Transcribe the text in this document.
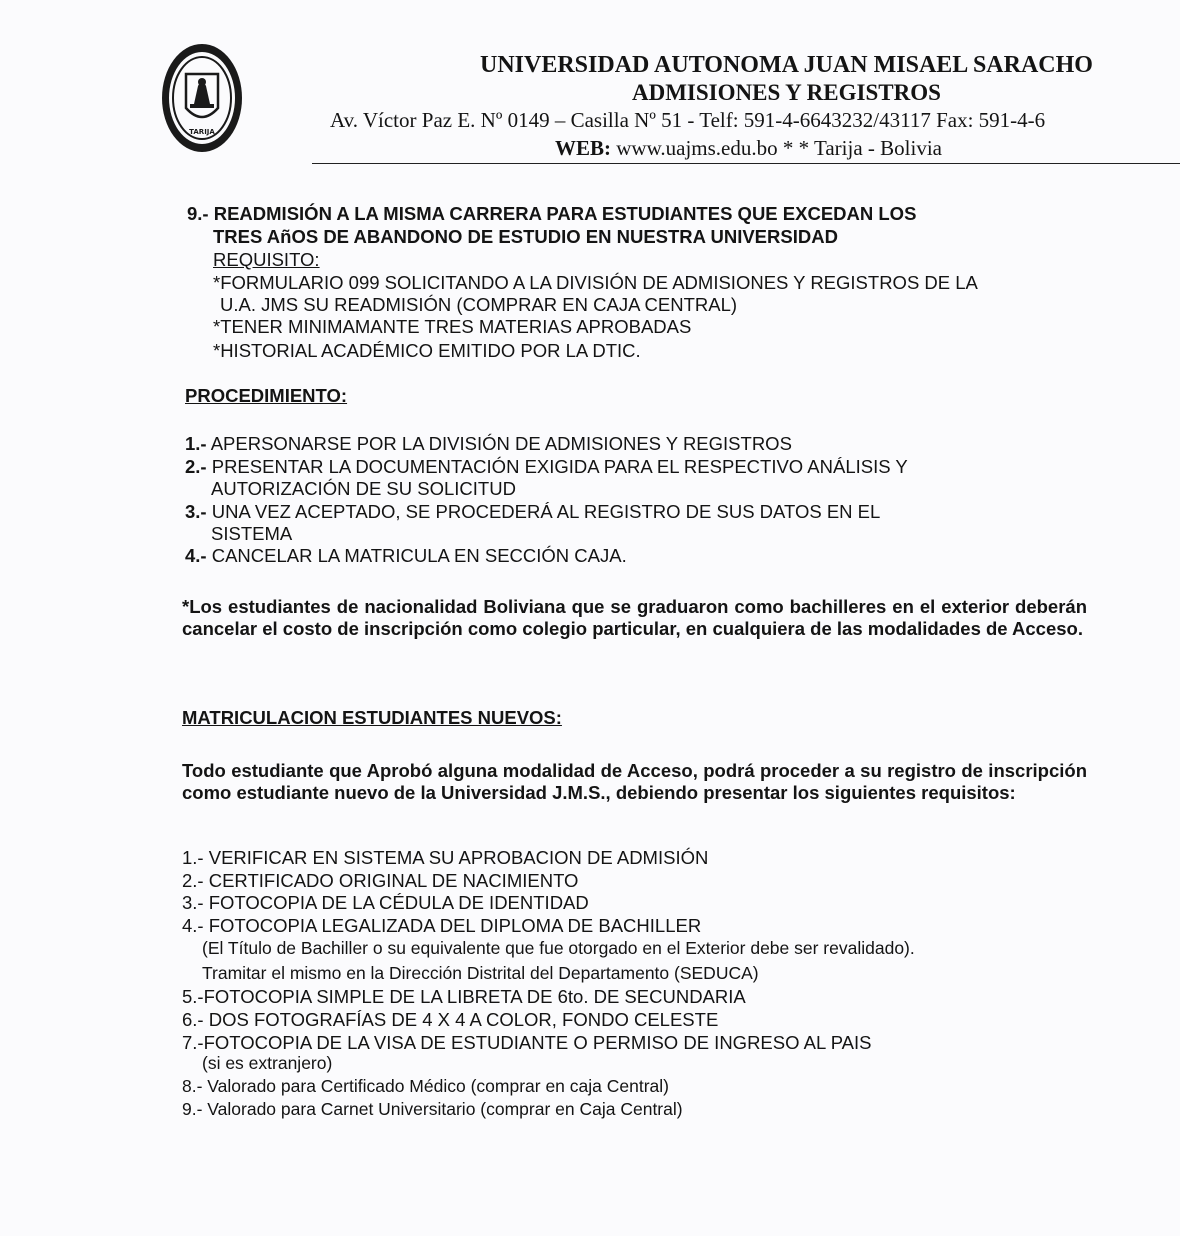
TARIJA
UNIVERSIDAD AUTONOMA JUAN MISAEL SARACHO
ADMISIONES Y REGISTROS
Av. Víctor Paz E. Nº 0149 – Casilla Nº 51 - Telf: 591-4-6643232/43117 Fax: 591-4-6
WEB: www.uajms.edu.bo * * Tarija - Bolivia
9.- READMISIÓN A LA MISMA CARRERA PARA ESTUDIANTES QUE EXCEDAN LOS
TRES AñOS DE ABANDONO DE ESTUDIO EN NUESTRA UNIVERSIDAD
REQUISITO:
*FORMULARIO 099 SOLICITANDO A LA DIVISIÓN DE ADMISIONES Y REGISTROS DE LA
U.A. JMS SU READMISIÓN (COMPRAR EN CAJA CENTRAL)
*TENER MINIMAMANTE TRES MATERIAS APROBADAS
*HISTORIAL ACADÉMICO EMITIDO POR LA DTIC.
PROCEDIMIENTO:
1.- APERSONARSE POR LA DIVISIÓN DE ADMISIONES Y REGISTROS
2.- PRESENTAR LA DOCUMENTACIÓN EXIGIDA PARA EL RESPECTIVO ANÁLISIS Y
AUTORIZACIÓN DE SU SOLICITUD
3.- UNA VEZ ACEPTADO, SE PROCEDERÁ AL REGISTRO DE SUS DATOS EN EL
SISTEMA
4.- CANCELAR LA MATRICULA EN SECCIÓN CAJA.
*Los estudiantes de nacionalidad Boliviana que se graduaron como bachilleres en el exterior deberán cancelar el costo de inscripción como colegio particular, en cualquiera de las modalidades de Acceso.
MATRICULACION ESTUDIANTES NUEVOS:
Todo estudiante que Aprobó alguna modalidad de Acceso, podrá proceder a su registro de inscripción como estudiante nuevo de la Universidad J.M.S., debiendo presentar los siguientes requisitos:
1.- VERIFICAR EN SISTEMA SU APROBACION DE ADMISIÓN
2.- CERTIFICADO ORIGINAL DE NACIMIENTO
3.- FOTOCOPIA DE LA CÉDULA DE IDENTIDAD
4.- FOTOCOPIA LEGALIZADA DEL DIPLOMA DE BACHILLER
(El Título de Bachiller o su equivalente que fue otorgado en el Exterior debe ser revalidado).
Tramitar el mismo en la Dirección Distrital del Departamento (SEDUCA)
5.-FOTOCOPIA SIMPLE DE LA LIBRETA DE 6to. DE SECUNDARIA
6.- DOS FOTOGRAFÍAS DE 4 X 4 A COLOR, FONDO CELESTE
7.-FOTOCOPIA DE LA VISA DE ESTUDIANTE O PERMISO DE INGRESO AL PAIS
(si es extranjero)
8.- Valorado para Certificado Médico (comprar en caja Central)
9.- Valorado para Carnet Universitario (comprar en Caja Central)
